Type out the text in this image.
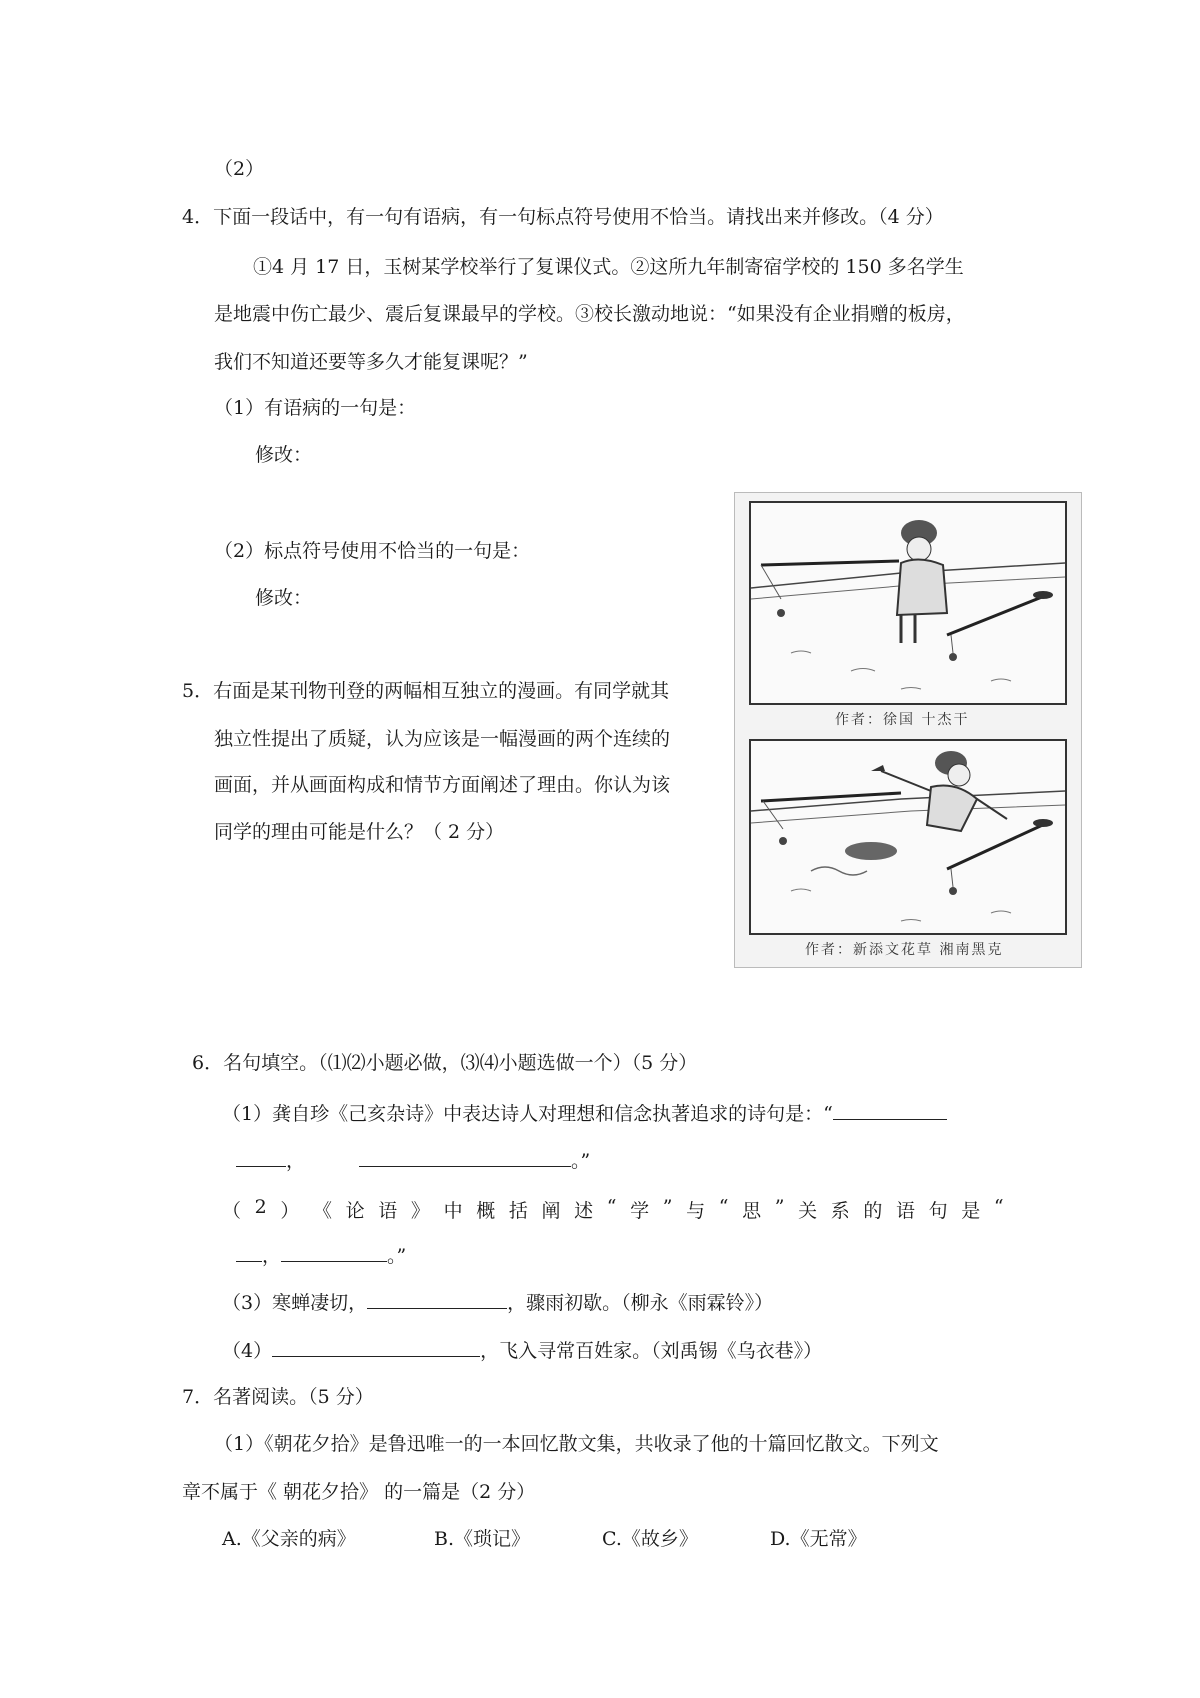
（2）
4．下面一段话中，有一句有语病，有一句标点符号使用不恰当。请找出来并修改。（4 分）
①4 月 17 日，玉树某学校举行了复课仪式。②这所九年制寄宿学校的 150 多名学生
是地震中伤亡最少、震后复课最早的学校。③校长激动地说：“如果没有企业捐赠的板房，
我们不知道还要等多久才能复课呢？”
（1）有语病的一句是：
修改：
（2）标点符号使用不恰当的一句是：
修改：
5．右面是某刊物刊登的两幅相互独立的漫画。有同学就其
独立性提出了质疑，认为应该是一幅漫画的两个连续的
画面，并从画面构成和情节方面阐述了理由。你认为该
同学的理由可能是什么？（ 2 分）
作者：徐国 十杰干
作者：新添文花草 湘南黑克
6．名句填空。（⑴⑵小题必做，⑶⑷小题选做一个）（5 分）
（1）龚自珍《己亥杂诗》中表达诗人对理想和信念执著追求的诗句是：“
，	。”
（ 2 ） 《 论 语 》 中 概 括 阐 述 “ 学 ” 与 “ 思 ” 关 系 的 语 句 是 “
，	。”
（3）寒蝉凄切，	，骤雨初歇。（柳永《雨霖铃》）
（4）	，飞入寻常百姓家。（刘禹锡《乌衣巷》）
7．名著阅读。（5 分）
（1）《朝花夕拾》是鲁迅唯一的一本回忆散文集，共收录了他的十篇回忆散文。下列文
章不属于《 朝花夕拾》 的一篇是（2 分）
A.《父亲的病》	B.《琐记》	C.《故乡》	D.《无常》
